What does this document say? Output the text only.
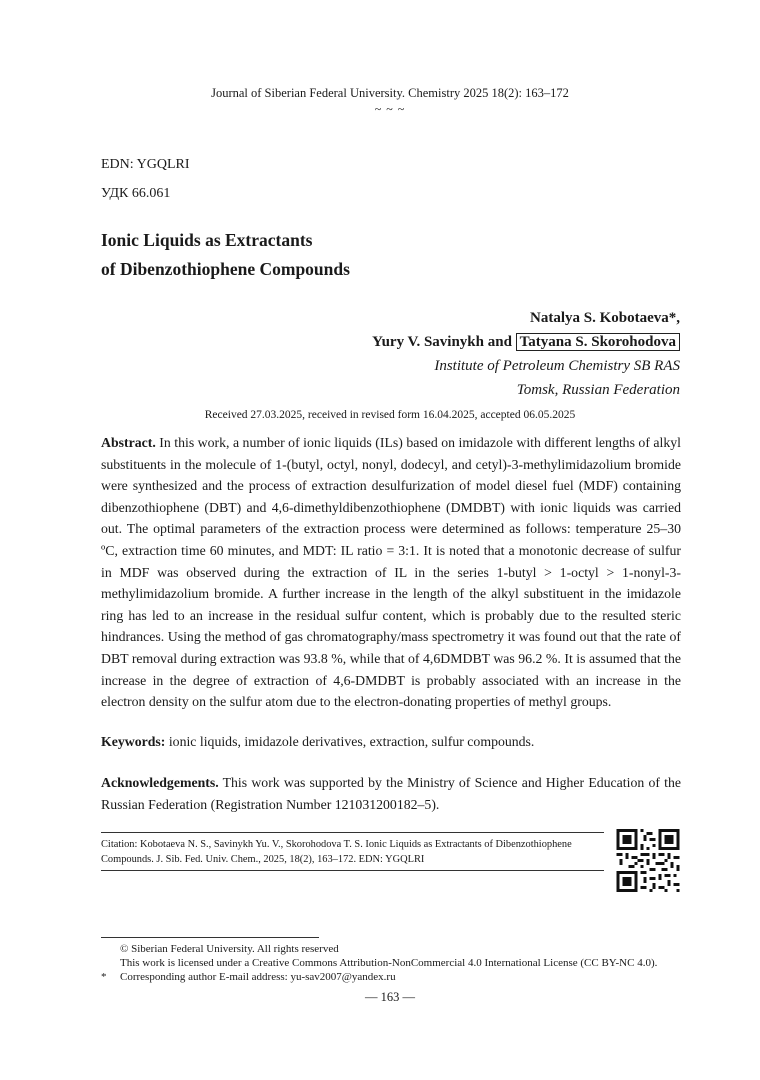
Journal of Siberian Federal University. Chemistry 2025 18(2): 163–172
~ ~ ~
EDN: YGQLRI
УДК 66.061
Ionic Liquids as Extractants
of Dibenzothiophene Compounds
Natalya S. Kobotaeva*,
Yury V. Savinykh and Tatyana S. Skorohodova
Institute of Petroleum Chemistry SB RAS
Tomsk, Russian Federation
Received 27.03.2025, received in revised form 16.04.2025, accepted 06.05.2025
Abstract. In this work, a number of ionic liquids (ILs) based on imidazole with different lengths of alkyl substituents in the molecule of 1-(butyl, octyl, nonyl, dodecyl, and cetyl)-3-methylimidazolium bromide were synthesized and the process of extraction desulfurization of model diesel fuel (MDF) containing dibenzothiophene (DBT) and 4,6-dimethyldibenzothiophene (DMDBT) with ionic liquids was carried out. The optimal parameters of the extraction process were determined as follows: temperature 25–30 ºC, extraction time 60 minutes, and MDT: IL ratio = 3:1. It is noted that a monotonic decrease of sulfur in MDF was observed during the extraction of IL in the series 1-butyl > 1-octyl > 1-nonyl-3-methylimidazolium bromide. A further increase in the length of the alkyl substituent in the imidazole ring has led to an increase in the residual sulfur content, which is probably due to the resulted steric hindrances. Using the method of gas chromatography/mass spectrometry it was found out that the rate of DBT removal during extraction was 93.8 %, while that of 4,6DMDBT was 96.2 %. It is assumed that the increase in the degree of extraction of 4,6-DMDBT is probably associated with an increase in the electron density on the sulfur atom due to the electron-donating properties of methyl groups.
Keywords: ionic liquids, imidazole derivatives, extraction, sulfur compounds.
Acknowledgements. This work was supported by the Ministry of Science and Higher Education of the Russian Federation (Registration Number 121031200182–5).
Citation: Kobotaeva N. S., Savinykh Yu. V., Skorohodova T. S. Ionic Liquids as Extractants of Dibenzothiophene Compounds. J. Sib. Fed. Univ. Chem., 2025, 18(2), 163–172. EDN: YGQLRI
© Siberian Federal University. All rights reserved
This work is licensed under a Creative Commons Attribution-NonCommercial 4.0 International License (CC BY-NC 4.0).
* Corresponding author E-mail address: yu-sav2007@yandex.ru
— 163 —
